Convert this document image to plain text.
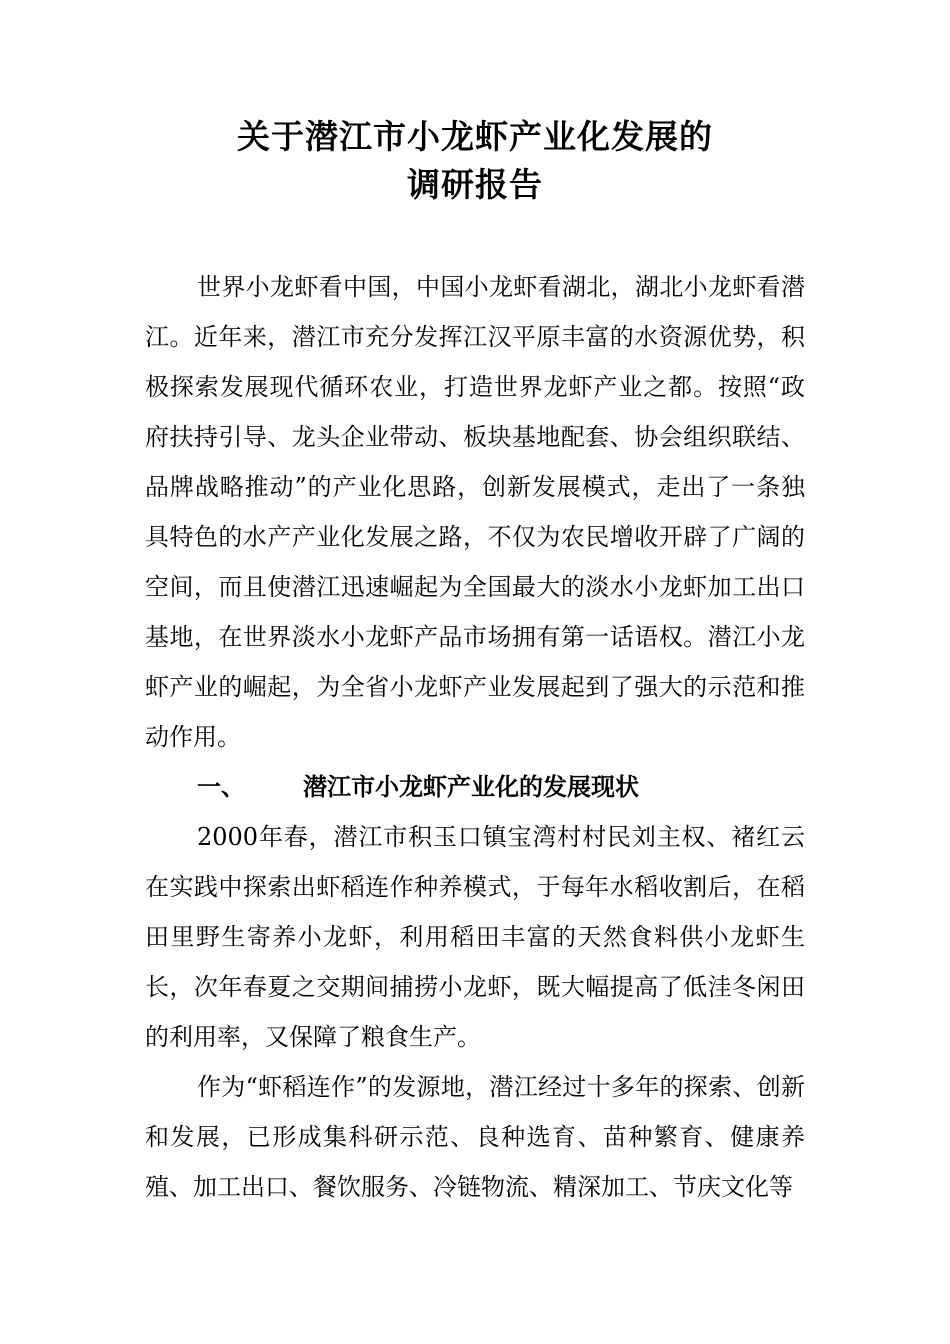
关于潜江市小龙虾产业化发展的
调研报告

世界小龙虾看中国，中国小龙虾看湖北，湖北小龙虾看潜江。近年来，潜江市充分发挥江汉平原丰富的水资源优势，积极探索发展现代循环农业，打造世界龙虾产业之都。按照“政府扶持引导、龙头企业带动、板块基地配套、协会组织联结、品牌战略推动”的产业化思路，创新发展模式，走出了一条独具特色的水产产业化发展之路，不仅为农民增收开辟了广阔的空间，而且使潜江迅速崛起为全国最大的淡水小龙虾加工出口基地，在世界淡水小龙虾产品市场拥有第一话语权。潜江小龙虾产业的崛起，为全省小龙虾产业发展起到了强大的示范和推动作用。

一、 潜江市小龙虾产业化的发展现状

2000年春，潜江市积玉口镇宝湾村村民刘主权、褚红云在实践中探索出虾稻连作种养模式，于每年水稻收割后，在稻田里野生寄养小龙虾，利用稻田丰富的天然食料供小龙虾生长，次年春夏之交期间捕捞小龙虾，既大幅提高了低洼冬闲田的利用率，又保障了粮食生产。

作为“虾稻连作”的发源地，潜江经过十多年的探索、创新和发展，已形成集科研示范、良种选育、苗种繁育、健康养殖、加工出口、餐饮服务、冷链物流、精深加工、节庆文化等
